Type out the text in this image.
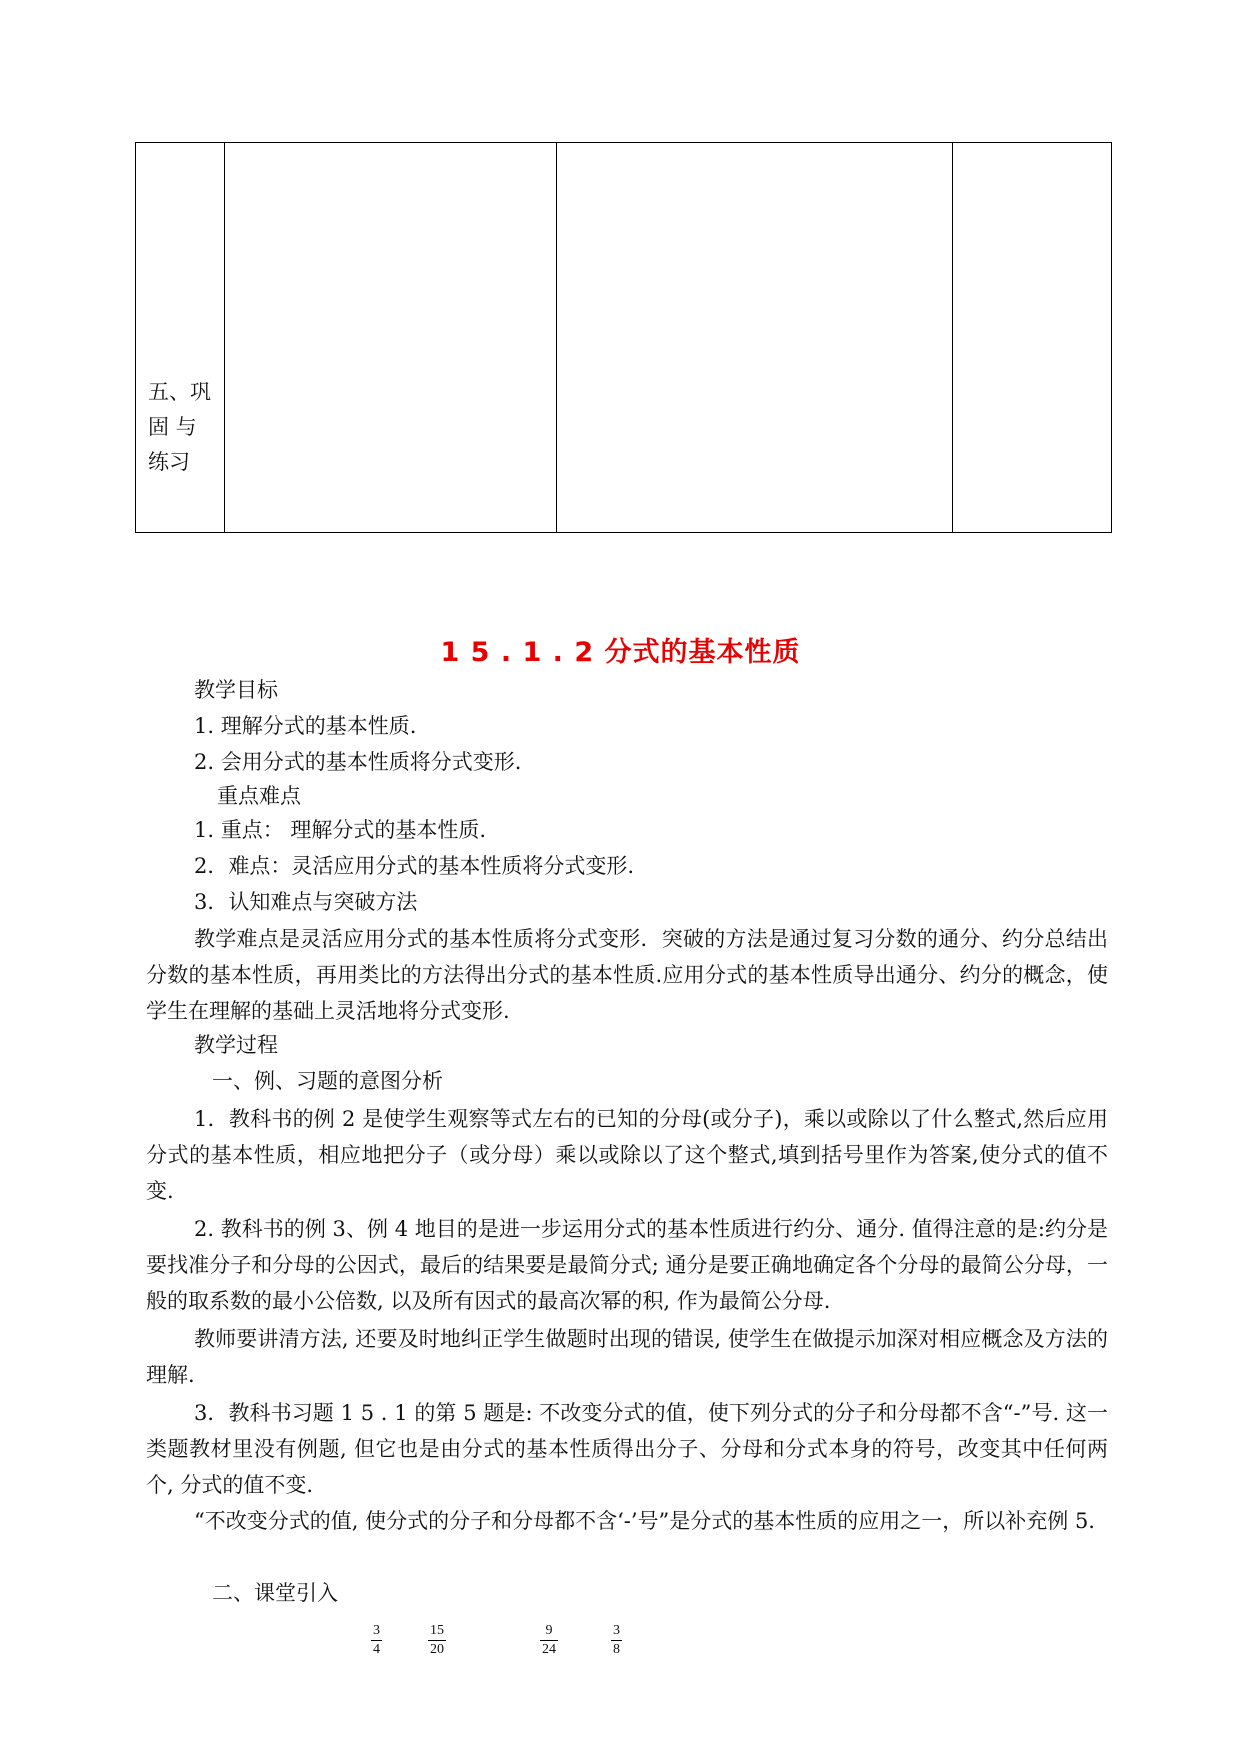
五、巩固 与练习

1 5 . 1 . 2 分式的基本性质
教学目标
1. 理解分式的基本性质.
2. 会用分式的基本性质将分式变形.
重点难点
1. 重点： 理解分式的基本性质.
2．难点：灵活应用分式的基本性质将分式变形.
3．认知难点与突破方法
教学难点是灵活应用分式的基本性质将分式变形．突破的方法是通过复习分数的通分、约分总结出分数的基本性质，再用类比的方法得出分式的基本性质.应用分式的基本性质导出通分、约分的概念，使学生在理解的基础上灵活地将分式变形.
教学过程
一、例、习题的意图分析
1．教科书的例 2 是使学生观察等式左右的已知的分母(或分子)，乘以或除以了什么整式,然后应用分式的基本性质，相应地把分子（或分母）乘以或除以了这个整式,填到括号里作为答案,使分式的值不变.
2. 教科书的例 3、例 4 地目的是进一步运用分式的基本性质进行约分、通分. 值得注意的是:约分是要找准分子和分母的公因式，最后的结果要是最简分式; 通分是要正确地确定各个分母的最简公分母，一般的取系数的最小公倍数, 以及所有因式的最高次幂的积, 作为最简公分母.
教师要讲清方法, 还要及时地纠正学生做题时出现的错误, 使学生在做提示加深对相应概念及方法的理解.
3．教科书习题 1 5 . 1 的第 5 题是: 不改变分式的值，使下列分式的分子和分母都不含“-”号. 这一类题教材里没有例题, 但它也是由分式的基本性质得出分子、分母和分式本身的符号，改变其中任何两个, 分式的值不变.
“不改变分式的值, 使分式的分子和分母都不含‘-’号”是分式的基本性质的应用之一，所以补充例 5.
二、课堂引入
$\frac{3}{4}$	$\frac{15}{20}$	$\frac{9}{24}$	$\frac{3}{8}$
